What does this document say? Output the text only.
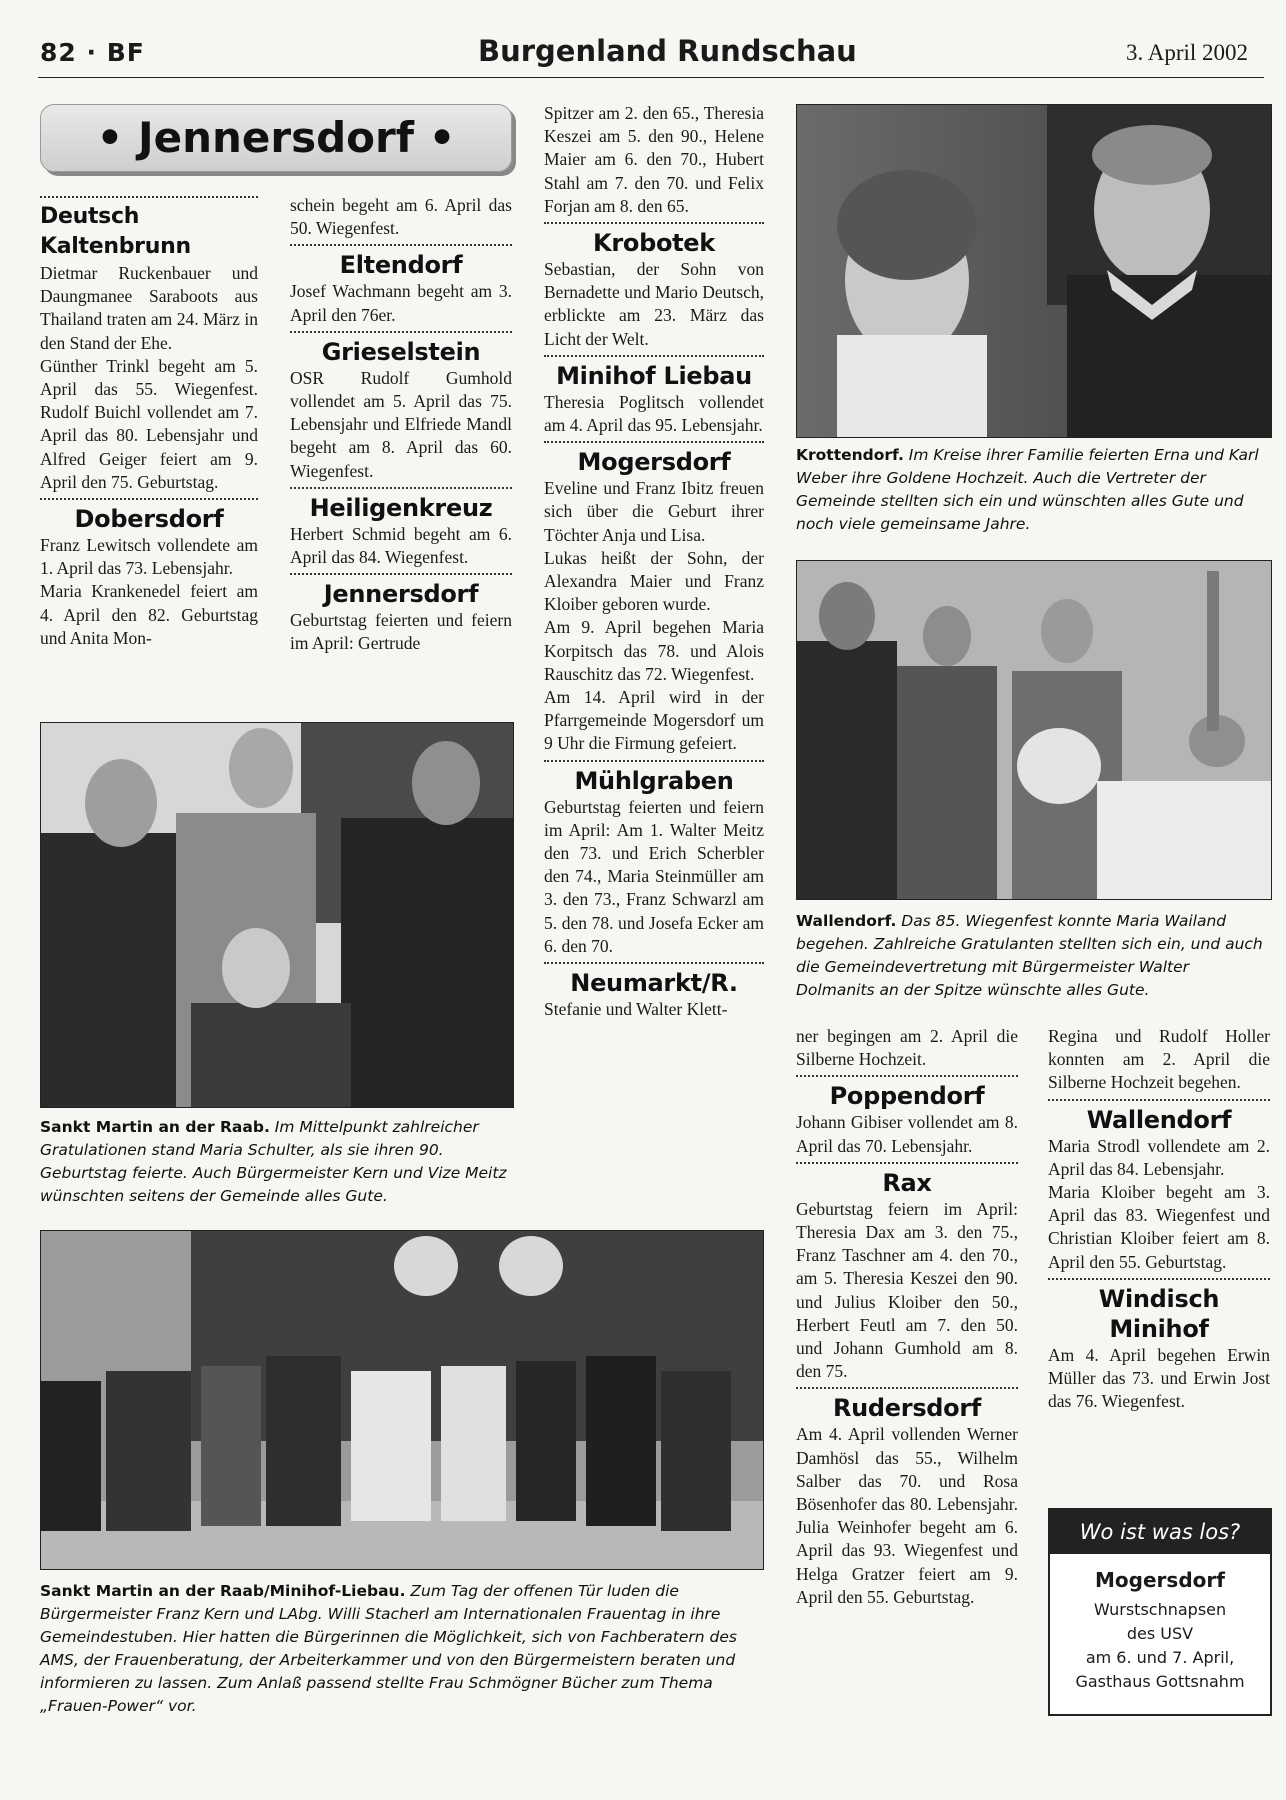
82 · BF	Burgenland Rundschau	3. April 2002
• Jennersdorf •
Deutsch Kaltenbrunn

Dietmar Ruckenbauer und Daungmanee Saraboots aus Thailand traten am 24. März in den Stand der Ehe.

Günther Trinkl begeht am 5. April das 55. Wiegenfest. Rudolf Buichl vollendet am 7. April das 80. Lebensjahr und Alfred Geiger feiert am 9. April den 75. Geburtstag.

Dobersdorf

Franz Lewitsch vollendete am 1. April das 73. Lebensjahr.

Maria Krankenedel feiert am 4. April den 82. Geburtstag und Anita Mon-

schein begeht am 6. April das 50. Wiegenfest.

Eltendorf

Josef Wachmann begeht am 3. April den 76er.

Grieselstein

OSR Rudolf Gumhold vollendet am 5. April das 75. Lebensjahr und Elfriede Mandl begeht am 8. April das 60. Wiegenfest.

Heiligenkreuz

Herbert Schmid begeht am 6. April das 84. Wiegenfest.

Jennersdorf

Geburtstag feierten und feiern im April: Gertrude

Spitzer am 2. den 65., Theresia Keszei am 5. den 90., Helene Maier am 6. den 70., Hubert Stahl am 7. den 70. und Felix Forjan am 8. den 65.

Krobotek

Sebastian, der Sohn von Bernadette und Mario Deutsch, erblickte am 23. März das Licht der Welt.

Minihof Liebau

Theresia Poglitsch vollendet am 4. April das 95. Lebensjahr.

Mogersdorf

Eveline und Franz Ibitz freuen sich über die Geburt ihrer Töchter Anja und Lisa.

Lukas heißt der Sohn, der Alexandra Maier und Franz Kloiber geboren wurde.

Am 9. April begehen Maria Korpitsch das 78. und Alois Rauschitz das 72. Wiegenfest.

Am 14. April wird in der Pfarrgemeinde Mogersdorf um 9 Uhr die Firmung gefeiert.

Mühlgraben

Geburtstag feierten und feiern im April: Am 1. Walter Meitz den 73. und Erich Scherbler den 74., Maria Steinmüller am 3. den 73., Franz Schwarzl am 5. den 78. und Josefa Ecker am 6. den 70.

Neumarkt/R.

Stefanie und Walter Klett-

ner begingen am 2. April die Silberne Hochzeit.

Poppendorf

Johann Gibiser vollendet am 8. April das 70. Lebensjahr.

Rax

Geburtstag feiern im April: Theresia Dax am 3. den 75., Franz Taschner am 4. den 70., am 5. Theresia Keszei den 90. und Julius Kloiber den 50., Herbert Feutl am 7. den 50. und Johann Gumhold am 8. den 75.

Rudersdorf

Am 4. April vollenden Werner Damhösl das 55., Wilhelm Salber das 70. und Rosa Bösenhofer das 80. Lebensjahr. Julia Weinhofer begeht am 6. April das 93. Wiegenfest und Helga Gratzer feiert am 9. April den 55. Geburtstag.

Regina und Rudolf Holler konnten am 2. April die Silberne Hochzeit begehen.

Wallendorf

Maria Strodl vollendete am 2. April das 84. Lebensjahr.

Maria Kloiber begeht am 3. April das 83. Wiegenfest und Christian Kloiber feiert am 8. April den 55. Geburtstag.

Windisch Minihof

Am 4. April begehen Erwin Müller das 73. und Erwin Jost das 76. Wiegenfest.

Wo ist was los?
Mogersdorf
Wurstschnapsen
des USV
am 6. und 7. April,
Gasthaus Gottsnahm
Krottendorf. Im Kreise ihrer Familie feierten Erna und Karl Weber ihre Goldene Hochzeit. Auch die Vertreter der Gemeinde stellten sich ein und wünschten alles Gute und noch viele gemeinsame Jahre.
Wallendorf. Das 85. Wiegenfest konnte Maria Wailand begehen. Zahlreiche Gratulanten stellten sich ein, und auch die Gemeindevertretung mit Bürgermeister Walter Dolmanits an der Spitze wünschte alles Gute.
Sankt Martin an der Raab. Im Mittelpunkt zahlreicher Gratulationen stand Maria Schulter, als sie ihren 90. Geburtstag feierte. Auch Bürgermeister Kern und Vize Meitz wünschten seitens der Gemeinde alles Gute.
Sankt Martin an der Raab/Minihof-Liebau. Zum Tag der offenen Tür luden die Bürgermeister Franz Kern und LAbg. Willi Stacherl am Internationalen Frauentag in ihre Gemeindestuben. Hier hatten die Bürgerinnen die Möglichkeit, sich von Fachberatern des AMS, der Frauenberatung, der Arbeiterkammer und von den Bürgermeistern beraten und informieren zu lassen. Zum Anlaß passend stellte Frau Schmögner Bücher zum Thema „Frauen-Power“ vor.
